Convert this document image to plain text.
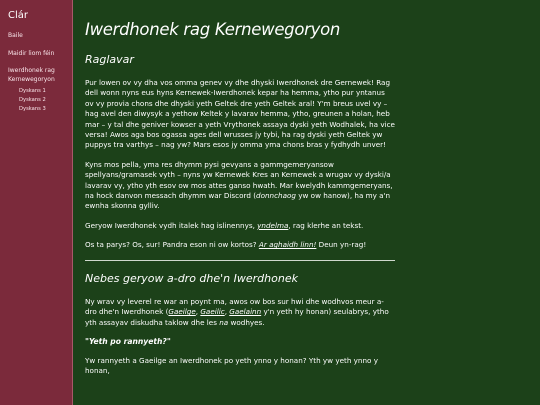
Clár
Baile
Maidir liom féin
Iwerdhonek rag Kernewegoryon
Dyskans 1
Dyskans 2
Dyskans 3
Iwerdhonek rag Kernewegoryon
Raglavar

Pur lowen ov vy dha vos omma genev vy dhe dhyski Iwerdhonek dre Gernewek! Rag dell wonn nyns eus hyns Kernewek-Iwerdhonek kepar ha hemma, ytho pur yntanus ov vy provia chons dhe dhyski yeth Geltek dre yeth Geltek aral! Y'm breus uvel vy – hag avel den diwysyk a yethow Keltek y lavarav hemma, ytho, greunen a holan, heb mar – y tal dhe geniver kowser a yeth Vrythonek assaya dyski yeth Wodhalek, ha vice versa! Awos aga bos ogassa ages dell wrusses jy tybi, ha rag dyski yeth Geltek yw puppys tra varthys – nag yw? Mars esos jy omma yma chons bras y fydhydh unver!

Kyns mos pella, yma res dhymm pysi gevyans a gammgemeryansow spellyans/gramasek vyth – nyns yw Kernewek Kres an Kernewek a wrugav vy dyski/a lavarav vy, ytho yth esov ow mos attes ganso hwath. Mar kwelydh kammgemeryans, na hock danvon messach dhymm war Discord (donnchaog yw ow hanow), ha my a'n ewnha skonna gylliv.

Geryow Iwerdhonek vydh italek hag islinennys, yndelma, rag klerhe an tekst.

Os ta parys? Os, sur! Pandra eson ni ow kortos? Ar aghaidh linn! Deun yn-rag!

Nebes geryow a-dro dhe'n Iwerdhonek

Ny wrav vy leverel re war an poynt ma, awos ow bos sur hwi dhe wodhvos meur a-dro dhe'n Iwerdhonek (Gaeilge, Gaeilic, Gaelainn y'n yeth hy honan) seulabrys, ytho yth assayav diskudha taklow dhe les na wodhyes.

"Yeth po rannyeth?"

Yw rannyeth a Gaeilge an Iwerdhonek po yeth ynno y honan? Yth yw yeth ynno y honan,
